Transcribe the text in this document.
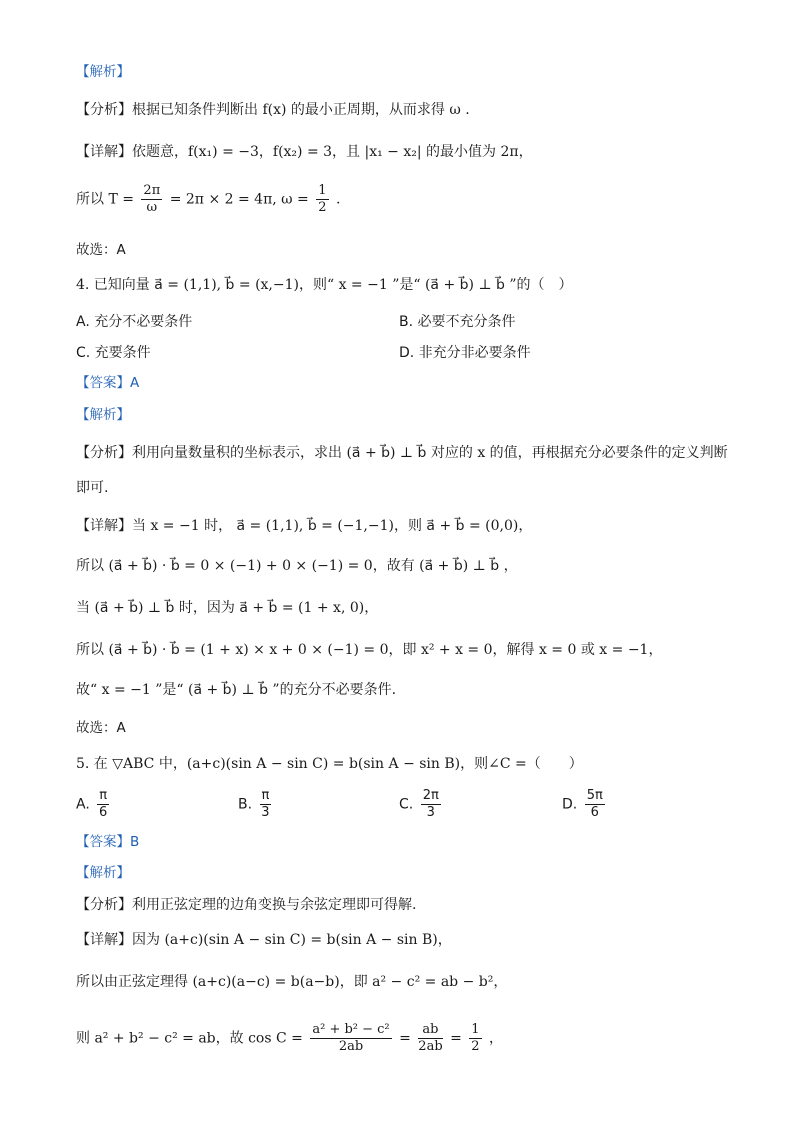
【解析】
【分析】根据已知条件判断出 f(x) 的最小正周期，从而求得 ω .
【详解】依题意，f(x₁) = −3，f(x₂) = 3，且 |x₁ − x₂| 的最小值为 2π，
所以 $T = \frac{2\pi}{\omega} = 2\pi \times 2 = 4\pi$, $\omega = \frac{1}{2}$ .
故选：A
4. 已知向量 a⃗ = (1,1), b⃗ = (x,−1)，则“ x = −1 ”是“ (a⃗ + b⃗) ⊥ b⃗ ”的（　）
A. 充分不必要条件	B. 必要不充分条件
C. 充要条件	D. 非充分非必要条件
【答案】A
【解析】
【分析】利用向量数量积的坐标表示，求出 (a⃗ + b⃗) ⊥ b⃗ 对应的 x 的值，再根据充分必要条件的定义判断
即可.
【详解】当 x = −1 时， a⃗ = (1,1), b⃗ = (−1,−1)，则 a⃗ + b⃗ = (0,0)，
所以 (a⃗ + b⃗) · b⃗ = 0 × (−1) + 0 × (−1) = 0，故有 (a⃗ + b⃗) ⊥ b⃗ ，
当 (a⃗ + b⃗) ⊥ b⃗ 时，因为 a⃗ + b⃗ = (1 + x, 0)，
所以 (a⃗ + b⃗) · b⃗ = (1 + x) × x + 0 × (−1) = 0，即 x² + x = 0，解得 x = 0 或 x = −1，
故“ x = −1 ”是“ (a⃗ + b⃗) ⊥ b⃗ ”的充分不必要条件.
故选：A
5. 在 ▽ABC 中，(a+c)(sin A − sin C) = b(sin A − sin B)，则∠C =（　　）
A. $\frac{\pi}{6}$	B. $\frac{\pi}{3}$	C. $\frac{2\pi}{3}$	D. $\frac{5\pi}{6}$
【答案】B
【解析】
【分析】利用正弦定理的边角变换与余弦定理即可得解.
【详解】因为 (a+c)(sin A − sin C) = b(sin A − sin B)，
所以由正弦定理得 (a+c)(a−c) = b(a−b)，即 a² − c² = ab − b²，
则 a² + b² − c² = ab，故 $\cos C = \frac{\text{a² + b² − c²}}{2ab} = \frac{ab}{2ab} = \frac{1}{2}$ ，
